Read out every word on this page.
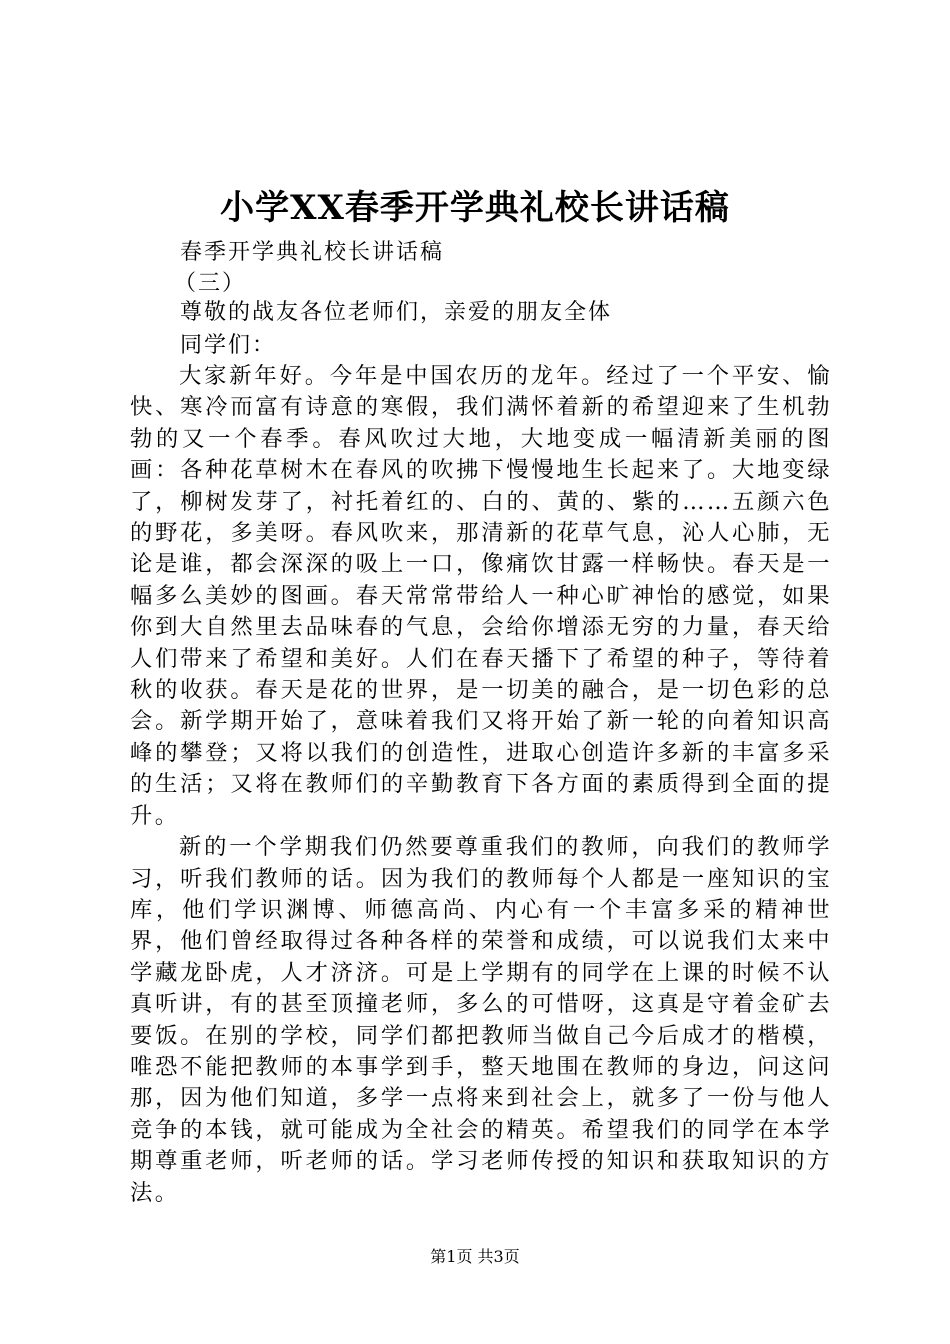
小学XX春季开学典礼校长讲话稿
春季开学典礼校长讲话稿
（三）
尊敬的战友各位老师们，亲爱的朋友全体
同学们：

大家新年好。今年是中国农历的龙年。经过了一个平安、愉快、寒冷而富有诗意的寒假，我们满怀着新的希望迎来了生机勃勃的又一个春季。春风吹过大地，大地变成一幅清新美丽的图画：各种花草树木在春风的吹拂下慢慢地生长起来了。大地变绿了，柳树发芽了，衬托着红的、白的、黄的、紫的……五颜六色的野花，多美呀。春风吹来，那清新的花草气息，沁人心肺，无论是谁，都会深深的吸上一口，像痛饮甘露一样畅快。春天是一幅多么美妙的图画。春天常常带给人一种心旷神怡的感觉，如果你到大自然里去品味春的气息，会给你增添无穷的力量，春天给人们带来了希望和美好。人们在春天播下了希望的种子，等待着秋的收获。春天是花的世界，是一切美的融合，是一切色彩的总会。新学期开始了，意味着我们又将开始了新一轮的向着知识高峰的攀登；又将以我们的创造性，进取心创造许多新的丰富多采的生活；又将在教师们的辛勤教育下各方面的素质得到全面的提升。

新的一个学期我们仍然要尊重我们的教师，向我们的教师学习，听我们教师的话。因为我们的教师每个人都是一座知识的宝库，他们学识渊博、师德高尚、内心有一个丰富多采的精神世界，他们曾经取得过各种各样的荣誉和成绩，可以说我们太来中学藏龙卧虎，人才济济。可是上学期有的同学在上课的时候不认真听讲，有的甚至顶撞老师，多么的可惜呀，这真是守着金矿去要饭。在别的学校，同学们都把教师当做自己今后成才的楷模，唯恐不能把教师的本事学到手，整天地围在教师的身边，问这问那，因为他们知道，多学一点将来到社会上，就多了一份与他人竞争的本钱，就可能成为全社会的精英。希望我们的同学在本学期尊重老师，听老师的话。学习老师传授的知识和获取知识的方法。

第1页 共3页
